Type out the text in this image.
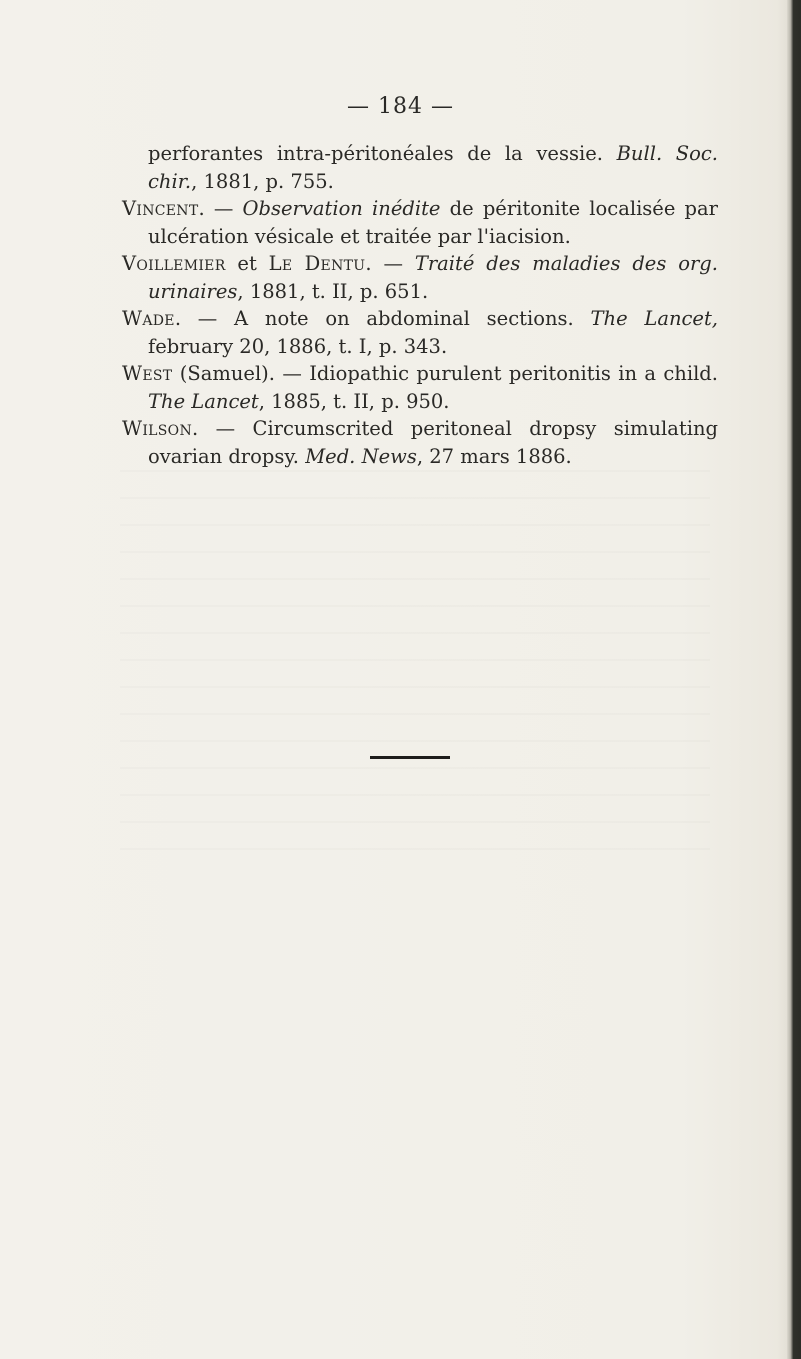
— 184 —
perforantes intra-péritonéales de la vessie. Bull. Soc. chir., 1881, p. 755.
Vincent. — Observation inédite de péritonite localisée par ulcération vésicale et traitée par l'iacision.
Voillemier et Le Dentu. — Traité des maladies des org. urinaires, 1881, t. II, p. 651.
Wade. — A note on abdominal sections. The Lancet, february 20, 1886, t. I, p. 343.
West (Samuel). — Idiopathic purulent peritonitis in a child. The Lancet, 1885, t. II, p. 950.
Wilson. — Circumscrited peritoneal dropsy simulating ovarian dropsy. Med. News, 27 mars 1886.
